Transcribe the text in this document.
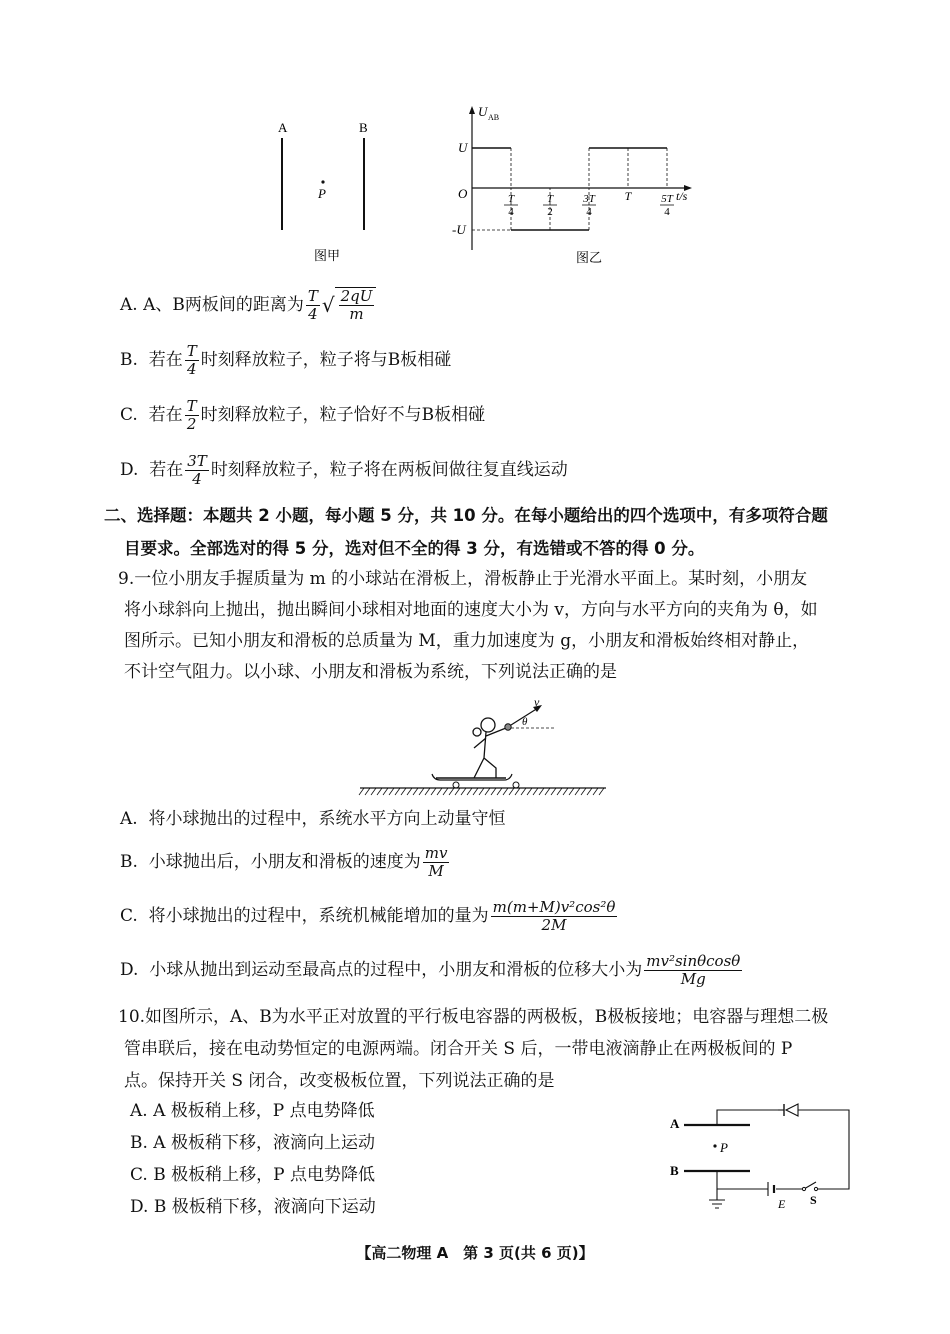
A	B
P
图甲
U AB
t/s
U
-U
O	T
4
T
2
3T
4
T	5T
4
图乙
A.
A、B两板间的距离为 $\frac{T}{4}$ √ $\frac{2qU}{m}$
B.
若在 $\frac{T}{4}$ 时刻释放粒子，粒子将与B板相碰
C.
若在 $\frac{T}{2}$ 时刻释放粒子，粒子恰好不与B板相碰
D.
若在 $\frac{3T}{4}$ 时刻释放粒子，粒子将在两板间做往复直线运动
二、选择题：本题共 2 小题，每小题 5 分，共 10 分。在每小题给出的四个选项中，有多项符合题
目要求。全部选对的得 5 分，选对但不全的得 3 分，有选错或不答的得 0 分。
9.一位小朋友手握质量为 m 的小球站在滑板上，滑板静止于光滑水平面上。某时刻，小朋友
将小球斜向上抛出，抛出瞬间小球相对地面的速度大小为 v，方向与水平方向的夹角为 θ，如
图所示。已知小朋友和滑板的总质量为 M，重力加速度为 g，小朋友和滑板始终相对静止，
不计空气阻力。以小球、小朋友和滑板为系统，下列说法正确的是
v
θ
A. 将小球抛出的过程中，系统水平方向上动量守恒
B.
小球抛出后，小朋友和滑板的速度为 $\frac{mv}{M}$
C.
将小球抛出的过程中，系统机械能增加的量为 $\frac{\text{m(m+M)v²cos²θ}}{2M}$
D.
小球从抛出到运动至最高点的过程中，小朋友和滑板的位移大小为 $\frac{\text{mv²sinθcosθ}}{Mg}$
10.如图所示，A、B为水平正对放置的平行板电容器的两极板，B极板接地；电容器与理想二极
管串联后，接在电动势恒定的电源两端。闭合开关 S 后，一带电液滴静止在两极板间的 P
点。保持开关 S 闭合，改变极板位置，下列说法正确的是
A. A 极板稍上移，P 点电势降低
B. A 极板稍下移，液滴向上运动
C. B 极板稍上移，P 点电势降低
D. B 极板稍下移，液滴向下运动
A
B
P
E S
【高二物理 A　第 3 页(共 6 页)】
